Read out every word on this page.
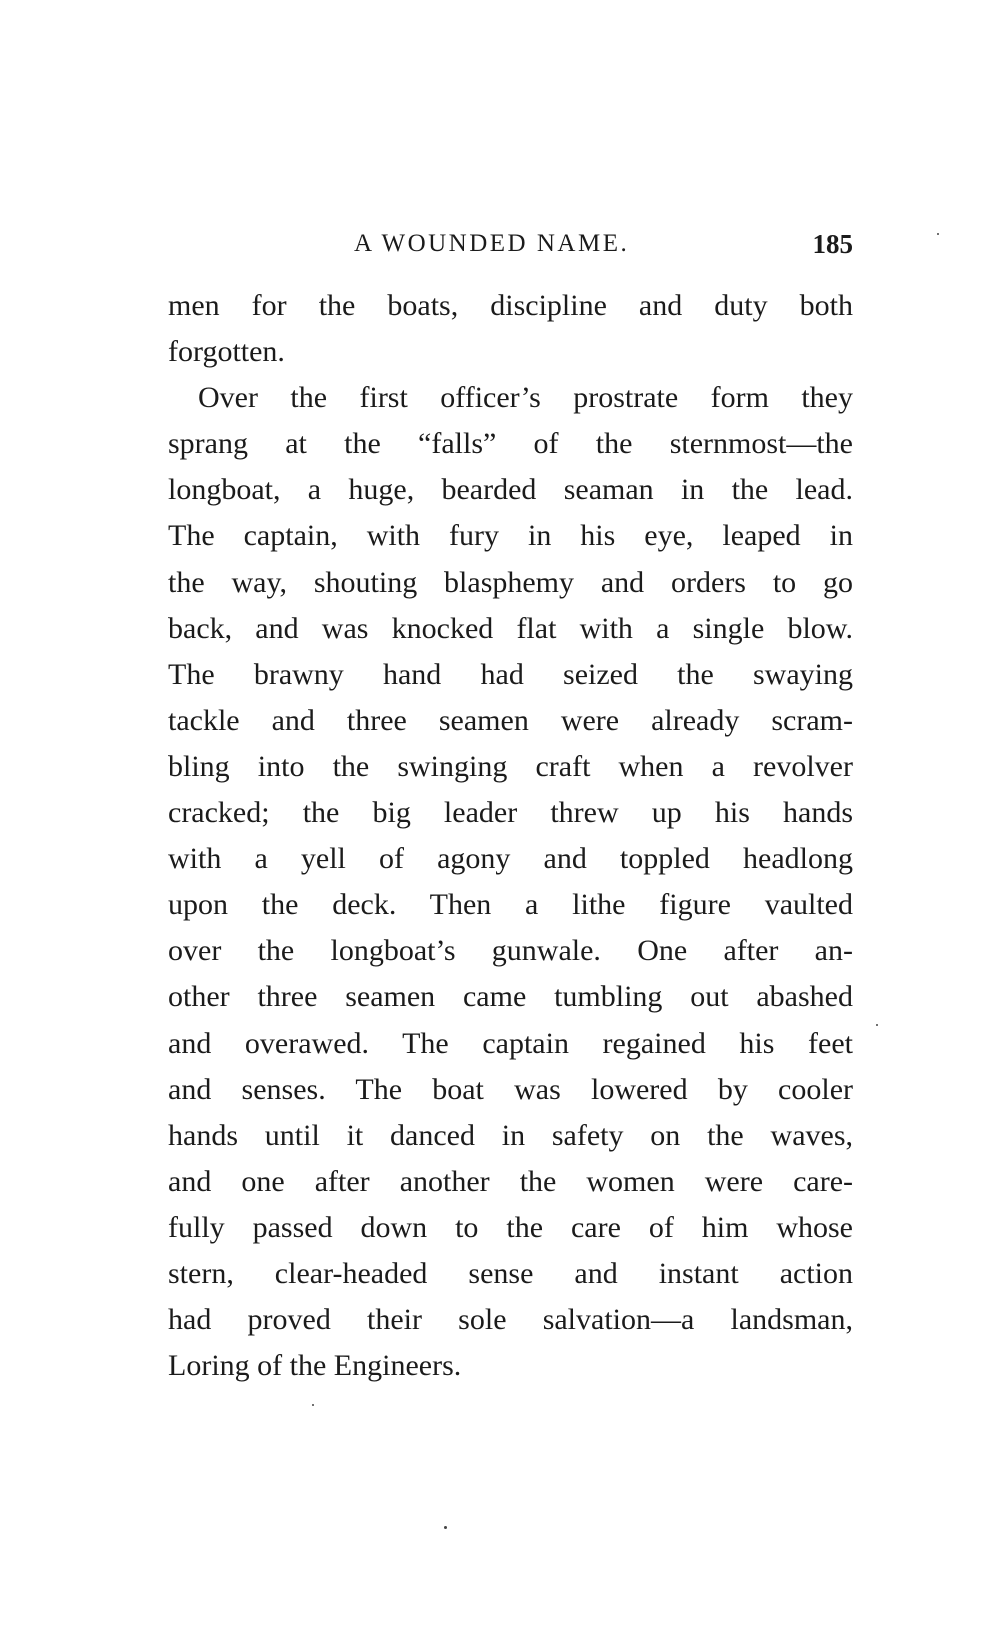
A WOUNDED NAME.	185
men for the boats, discipline and duty both
forgotten.
Over the first officer’s prostrate form they
sprang at the “falls” of the sternmost—the
longboat, a huge, bearded seaman in the lead.
The captain, with fury in his eye, leaped in
the way, shouting blasphemy and orders to go
back, and was knocked flat with a single blow.
The brawny hand had seized the swaying
tackle and three seamen were already scram-
bling into the swinging craft when a revolver
cracked; the big leader threw up his hands
with a yell of agony and toppled headlong
upon the deck. Then a lithe figure vaulted
over the longboat’s gunwale. One after an-
other three seamen came tumbling out abashed
and overawed. The captain regained his feet
and senses. The boat was lowered by cooler
hands until it danced in safety on the waves,
and one after another the women were care-
fully passed down to the care of him whose
stern, clear-headed sense and instant action
had proved their sole salvation—a landsman,
Loring of the Engineers.
